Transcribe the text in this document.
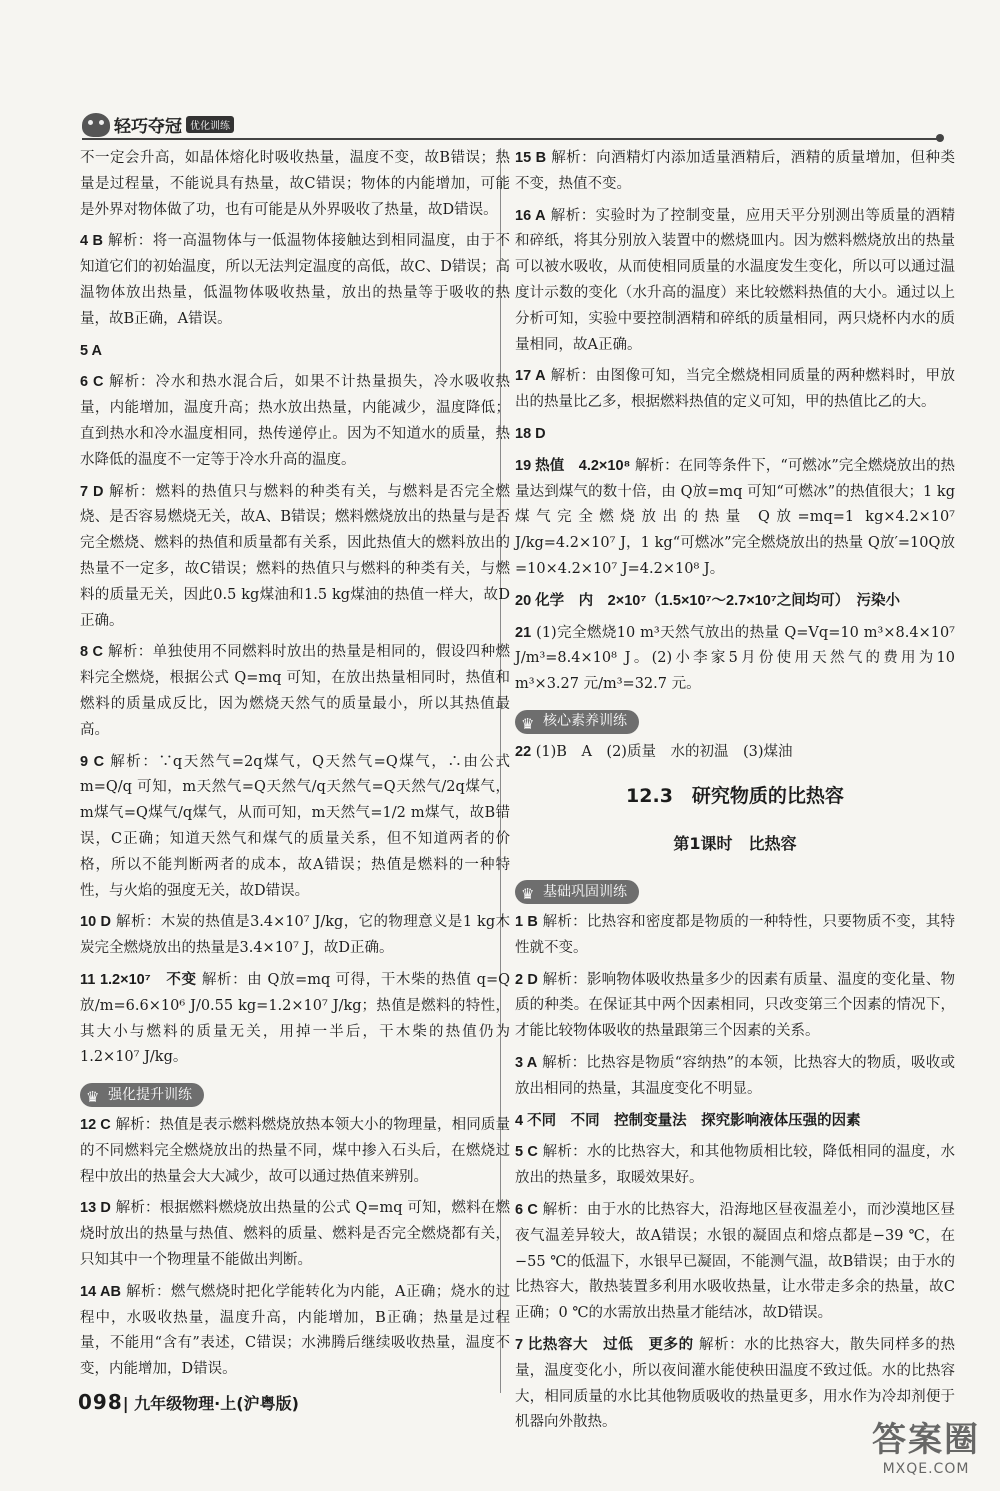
轻巧夺冠 优化训练
不一定会升高，如晶体熔化时吸收热量，温度不变，故B错误；热量是过程量，不能说具有热量，故C错误；物体的内能增加，可能是外界对物体做了功，也有可能是从外界吸收了热量，故D错误。
4 B 解析：将一高温物体与一低温物体接触达到相同温度，由于不知道它们的初始温度，所以无法判定温度的高低，故C、D错误；高温物体放出热量，低温物体吸收热量，放出的热量等于吸收的热量，故B正确，A错误。
5 A
6 C 解析：冷水和热水混合后，如果不计热量损失，冷水吸收热量，内能增加，温度升高；热水放出热量，内能减少，温度降低；直到热水和冷水温度相同，热传递停止。因为不知道水的质量，热水降低的温度不一定等于冷水升高的温度。
7 D 解析：燃料的热值只与燃料的种类有关，与燃料是否完全燃烧、是否容易燃烧无关，故A、B错误；燃料燃烧放出的热量与是否完全燃烧、燃料的热值和质量都有关系，因此热值大的燃料放出的热量不一定多，故C错误；燃料的热值只与燃料的种类有关，与燃料的质量无关，因此0.5 kg煤油和1.5 kg煤油的热值一样大，故D正确。
8 C 解析：单独使用不同燃料时放出的热量是相同的，假设四种燃料完全燃烧，根据公式 Q=mq 可知，在放出热量相同时，热值和燃料的质量成反比，因为燃烧天然气的质量最小，所以其热值最高。
9 C 解析：∵q天然气=2q煤气，Q天然气=Q煤气，∴由公式 m=Q/q 可知，m天然气=Q天然气/q天然气=Q天然气/2q煤气，m煤气=Q煤气/q煤气，从而可知，m天然气=1/2 m煤气，故B错误，C正确；知道天然气和煤气的质量关系，但不知道两者的价格，所以不能判断两者的成本，故A错误；热值是燃料的一种特性，与火焰的强度无关，故D错误。
10 D 解析：木炭的热值是3.4×10⁷ J/kg，它的物理意义是1 kg木炭完全燃烧放出的热量是3.4×10⁷ J，故D正确。
11 1.2×10⁷　不变 解析：由 Q放=mq 可得，干木柴的热值 q=Q放/m=6.6×10⁶ J/0.55 kg=1.2×10⁷ J/kg；热值是燃料的特性，其大小与燃料的质量无关，用掉一半后，干木柴的热值仍为1.2×10⁷ J/kg。
♛
强化提升训练
12 C 解析：热值是表示燃料燃烧放热本领大小的物理量，相同质量的不同燃料完全燃烧放出的热量不同，煤中掺入石头后，在燃烧过程中放出的热量会大大减少，故可以通过热值来辨别。
13 D 解析：根据燃料燃烧放出热量的公式 Q=mq 可知，燃料在燃烧时放出的热量与热值、燃料的质量、燃料是否完全燃烧都有关，只知其中一个物理量不能做出判断。
14 AB 解析：燃气燃烧时把化学能转化为内能，A正确；烧水的过程中，水吸收热量，温度升高，内能增加，B正确；热量是过程量，不能用“含有”表述，C错误；水沸腾后继续吸收热量，温度不变，内能增加，D错误。
15 B 解析：向酒精灯内添加适量酒精后，酒精的质量增加，但种类不变，热值不变。
16 A 解析：实验时为了控制变量，应用天平分别测出等质量的酒精和碎纸，将其分别放入装置中的燃烧皿内。因为燃料燃烧放出的热量可以被水吸收，从而使相同质量的水温度发生变化，所以可以通过温度计示数的变化（水升高的温度）来比较燃料热值的大小。通过以上分析可知，实验中要控制酒精和碎纸的质量相同，两只烧杯内水的质量相同，故A正确。
17 A 解析：由图像可知，当完全燃烧相同质量的两种燃料时，甲放出的热量比乙多，根据燃料热值的定义可知，甲的热值比乙的大。
18 D
19 热值　4.2×10⁸ 解析：在同等条件下，“可燃冰”完全燃烧放出的热量达到煤气的数十倍，由 Q放=mq 可知“可燃冰”的热值很大；1 kg煤气完全燃烧放出的热量 Q放=mq=1 kg×4.2×10⁷ J/kg=4.2×10⁷ J，1 kg“可燃冰”完全燃烧放出的热量 Q放′=10Q放=10×4.2×10⁷ J=4.2×10⁸ J。
20 化学　内　2×10⁷（1.5×10⁷～2.7×10⁷之间均可）　污染小
21 (1)完全燃烧10 m³天然气放出的热量 Q=Vq=10 m³×8.4×10⁷ J/m³=8.4×10⁸ J。(2)小李家5月份使用天然气的费用为10 m³×3.27 元/m³=32.7 元。
♛
核心素养训练
22 (1)B　A　(2)质量　水的初温　(3)煤油
12.3　研究物质的比热容
第1课时　比热容
♛
基础巩固训练
1 B 解析：比热容和密度都是物质的一种特性，只要物质不变，其特性就不变。
2 D 解析：影响物体吸收热量多少的因素有质量、温度的变化量、物质的种类。在保证其中两个因素相同，只改变第三个因素的情况下，才能比较物体吸收的热量跟第三个因素的关系。
3 A 解析：比热容是物质“容纳热”的本领，比热容大的物质，吸收或放出相同的热量，其温度变化不明显。
4 不同　不同　控制变量法　探究影响液体压强的因素
5 C 解析：水的比热容大，和其他物质相比较，降低相同的温度，水放出的热量多，取暖效果好。
6 C 解析：由于水的比热容大，沿海地区昼夜温差小，而沙漠地区昼夜气温差异较大，故A错误；水银的凝固点和熔点都是−39 ℃，在−55 ℃的低温下，水银早已凝固，不能测气温，故B错误；由于水的比热容大，散热装置多利用水吸收热量，让水带走多余的热量，故C正确；0 ℃的水需放出热量才能结冰，故D错误。
7 比热容大　过低　更多的 解析：水的比热容大，散失同样多的热量，温度变化小，所以夜间灌水能使秧田温度不致过低。水的比热容大，相同质量的水比其他物质吸收的热量更多，用水作为冷却剂便于机器向外散热。
098| 九年级物理·上(沪粤版)
答案圈
MXQE.COM
